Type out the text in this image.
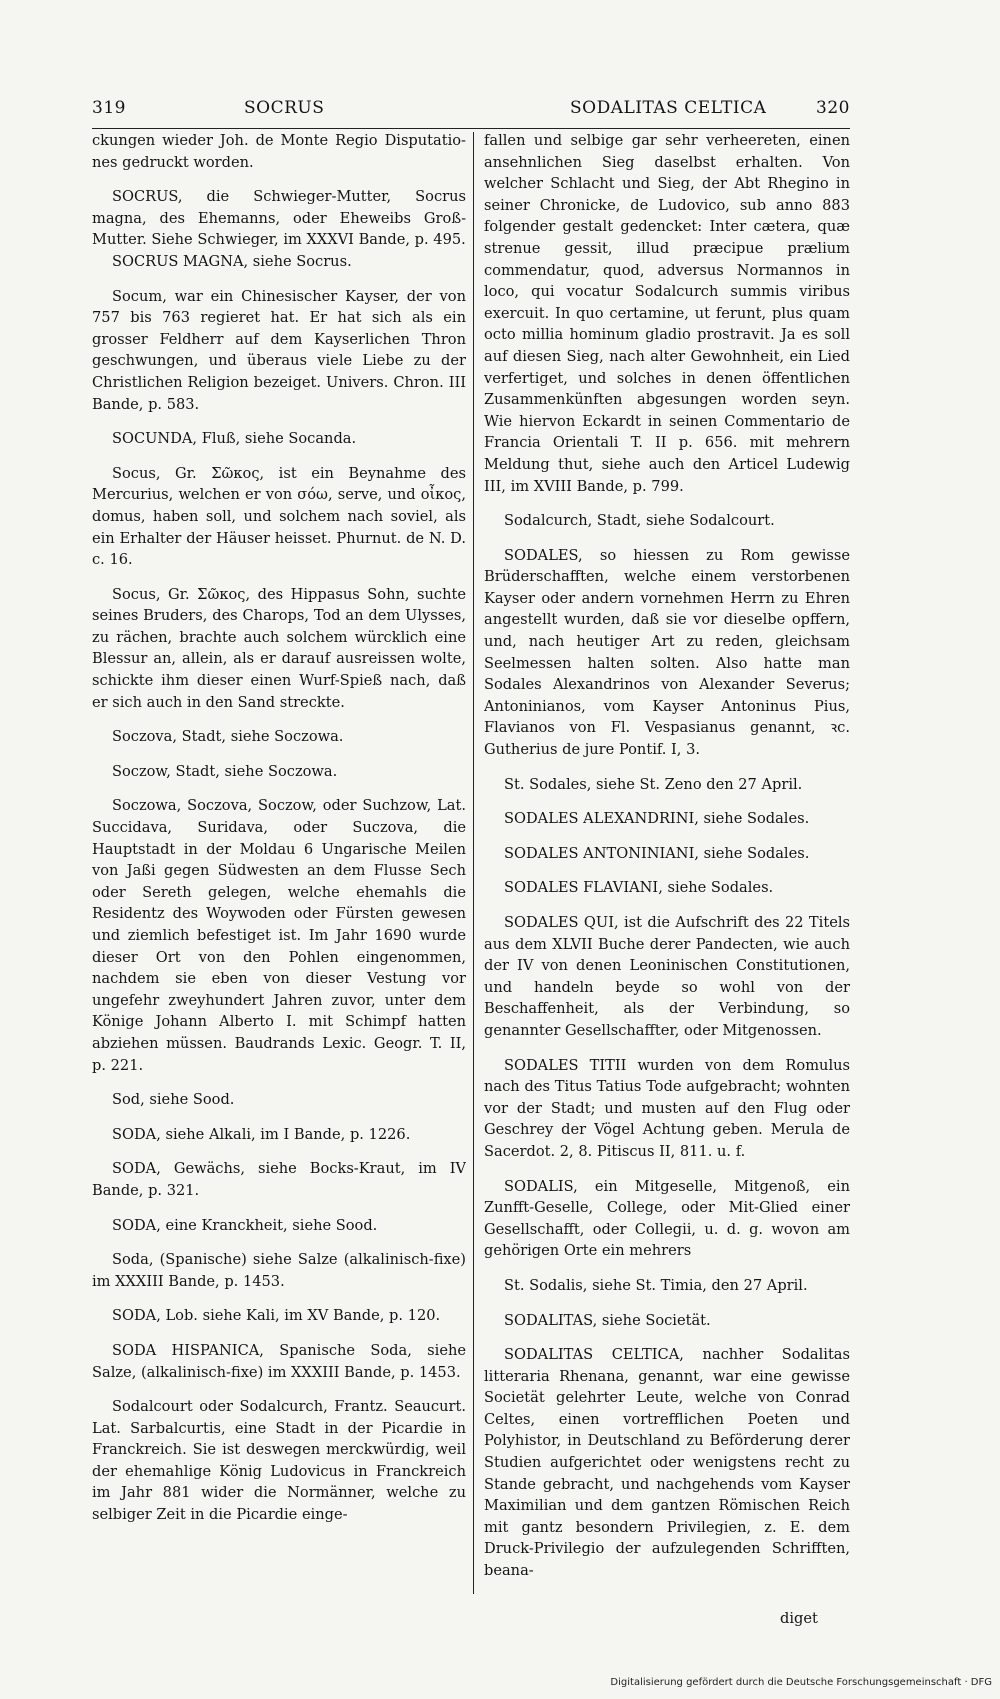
319	SOCRUS	SODALITAS CELTICA	320

ckungen wieder Joh. de Monte Regio Disputatio-nes gedruckt worden.

SOCRUS, die Schwieger-Mutter, Socrus magna, des Ehemanns, oder Eheweibs Groß-Mutter. Siehe Schwieger, im XXXVI Bande, p. 495.

SOCRUS MAGNA, siehe Socrus.

Socum, war ein Chinesischer Kayser, der von 757 bis 763 regieret hat. Er hat sich als ein grosser Feldherr auf dem Kayserlichen Thron geschwungen, und überaus viele Liebe zu der Christlichen Religion bezeiget. Univers. Chron. III Bande, p. 583.

SOCUNDA, Fluß, siehe Socanda.

Socus, Gr. Σῶκος, ist ein Beynahme des Mercurius, welchen er von σόω, serve, und οἶκος, domus, haben soll, und solchem nach soviel, als ein Erhalter der Häuser heisset. Phurnut. de N. D. c. 16.

Socus, Gr. Σῶκος, des Hippasus Sohn, suchte seines Bruders, des Charops, Tod an dem Ulysses, zu rächen, brachte auch solchem würcklich eine Blessur an, allein, als er darauf ausreissen wolte, schickte ihm dieser einen Wurf-Spieß nach, daß er sich auch in den Sand streckte.

Soczova, Stadt, siehe Soczowa.

Soczow, Stadt, siehe Soczowa.

Soczowa, Soczova, Soczow, oder Suchzow, Lat. Succidava, Suridava, oder Suczova, die Hauptstadt in der Moldau 6 Ungarische Meilen von Jaßi gegen Südwesten an dem Flusse Sech oder Sereth gelegen, welche ehemahls die Residentz des Woywoden oder Fürsten gewesen und ziemlich befestiget ist. Im Jahr 1690 wurde dieser Ort von den Pohlen eingenommen, nachdem sie eben von dieser Vestung vor ungefehr zweyhundert Jahren zuvor, unter dem Könige Johann Alberto I. mit Schimpf hatten abziehen müssen. Baudrands Lexic. Geogr. T. II, p. 221.

Sod, siehe Sood.

SODA, siehe Alkali, im I Bande, p. 1226.

SODA, Gewächs, siehe Bocks-Kraut, im IV Bande, p. 321.

SODA, eine Kranckheit, siehe Sood.

Soda, (Spanische) siehe Salze (alkalinisch-fixe) im XXXIII Bande, p. 1453.

SODA, Lob. siehe Kali, im XV Bande, p. 120.

SODA HISPANICA, Spanische Soda, siehe Salze, (alkalinisch-fixe) im XXXIII Bande, p. 1453.

Sodalcourt oder Sodalcurch, Frantz. Seaucurt. Lat. Sarbalcurtis, eine Stadt in der Picardie in Franckreich. Sie ist deswegen merckwürdig, weil der ehemahlige König Ludovicus in Franckreich im Jahr 881 wider die Normänner, welche zu selbiger Zeit in die Picardie einge-

fallen und selbige gar sehr verheereten, einen ansehnlichen Sieg daselbst erhalten. Von welcher Schlacht und Sieg, der Abt Rhegino in seiner Chronicke, de Ludovico, sub anno 883 folgender gestalt gedencket: Inter cætera, quæ strenue gessit, illud præcipue prælium commendatur, quod, adversus Normannos in loco, qui vocatur Sodalcurch summis viribus exercuit. In quo certamine, ut ferunt, plus quam octo millia hominum gladio prostravit. Ja es soll auf diesen Sieg, nach alter Gewohnheit, ein Lied verfertiget, und solches in denen öffentlichen Zusammenkünften abgesungen worden seyn. Wie hiervon Eckardt in seinen Commentario de Francia Orientali T. II p. 656. mit mehrern Meldung thut, siehe auch den Articel Ludewig III, im XVIII Bande, p. 799.

Sodalcurch, Stadt, siehe Sodalcourt.

SODALES, so hiessen zu Rom gewisse Brüderschafften, welche einem verstorbenen Kayser oder andern vornehmen Herrn zu Ehren angestellt wurden, daß sie vor dieselbe opffern, und, nach heutiger Art zu reden, gleichsam Seelmessen halten solten. Also hatte man Sodales Alexandrinos von Alexander Severus; Antoninianos, vom Kayser Antoninus Pius, Flavianos von Fl. Vespasianus genannt, ꝛc. Gutherius de jure Pontif. I, 3.

St. Sodales, siehe St. Zeno den 27 April.

SODALES ALEXANDRINI, siehe Sodales.

SODALES ANTONINIANI, siehe Sodales.

SODALES FLAVIANI, siehe Sodales.

SODALES QUI, ist die Aufschrift des 22 Titels aus dem XLVII Buche derer Pandecten, wie auch der IV von denen Leoninischen Constitutionen, und handeln beyde so wohl von der Beschaffenheit, als der Verbindung, so genannter Gesellschaffter, oder Mitgenossen.

SODALES TITII wurden von dem Romulus nach des Titus Tatius Tode aufgebracht; wohnten vor der Stadt; und musten auf den Flug oder Geschrey der Vögel Achtung geben. Merula de Sacerdot. 2, 8. Pitiscus II, 811. u. f.

SODALIS, ein Mitgeselle, Mitgenoß, ein Zunfft-Geselle, College, oder Mit-Glied einer Gesellschafft, oder Collegii, u. d. g. wovon am gehörigen Orte ein mehrers

St. Sodalis, siehe St. Timia, den 27 April.

SODALITAS, siehe Societät.

SODALITAS CELTICA, nachher Sodalitas litteraria Rhenana, genannt, war eine gewisse Societät gelehrter Leute, welche von Conrad Celtes, einen vortrefflichen Poeten und Polyhistor, in Deutschland zu Beförderung derer Studien aufgerichtet oder wenigstens recht zu Stande gebracht, und nachgehends vom Kayser Maximilian und dem gantzen Römischen Reich mit gantz besondern Privilegien, z. E. dem Druck-Privilegio der aufzulegenden Schrifften, beana-

diget
Digitalisierung gefördert durch die Deutsche Forschungsgemeinschaft · DFG
